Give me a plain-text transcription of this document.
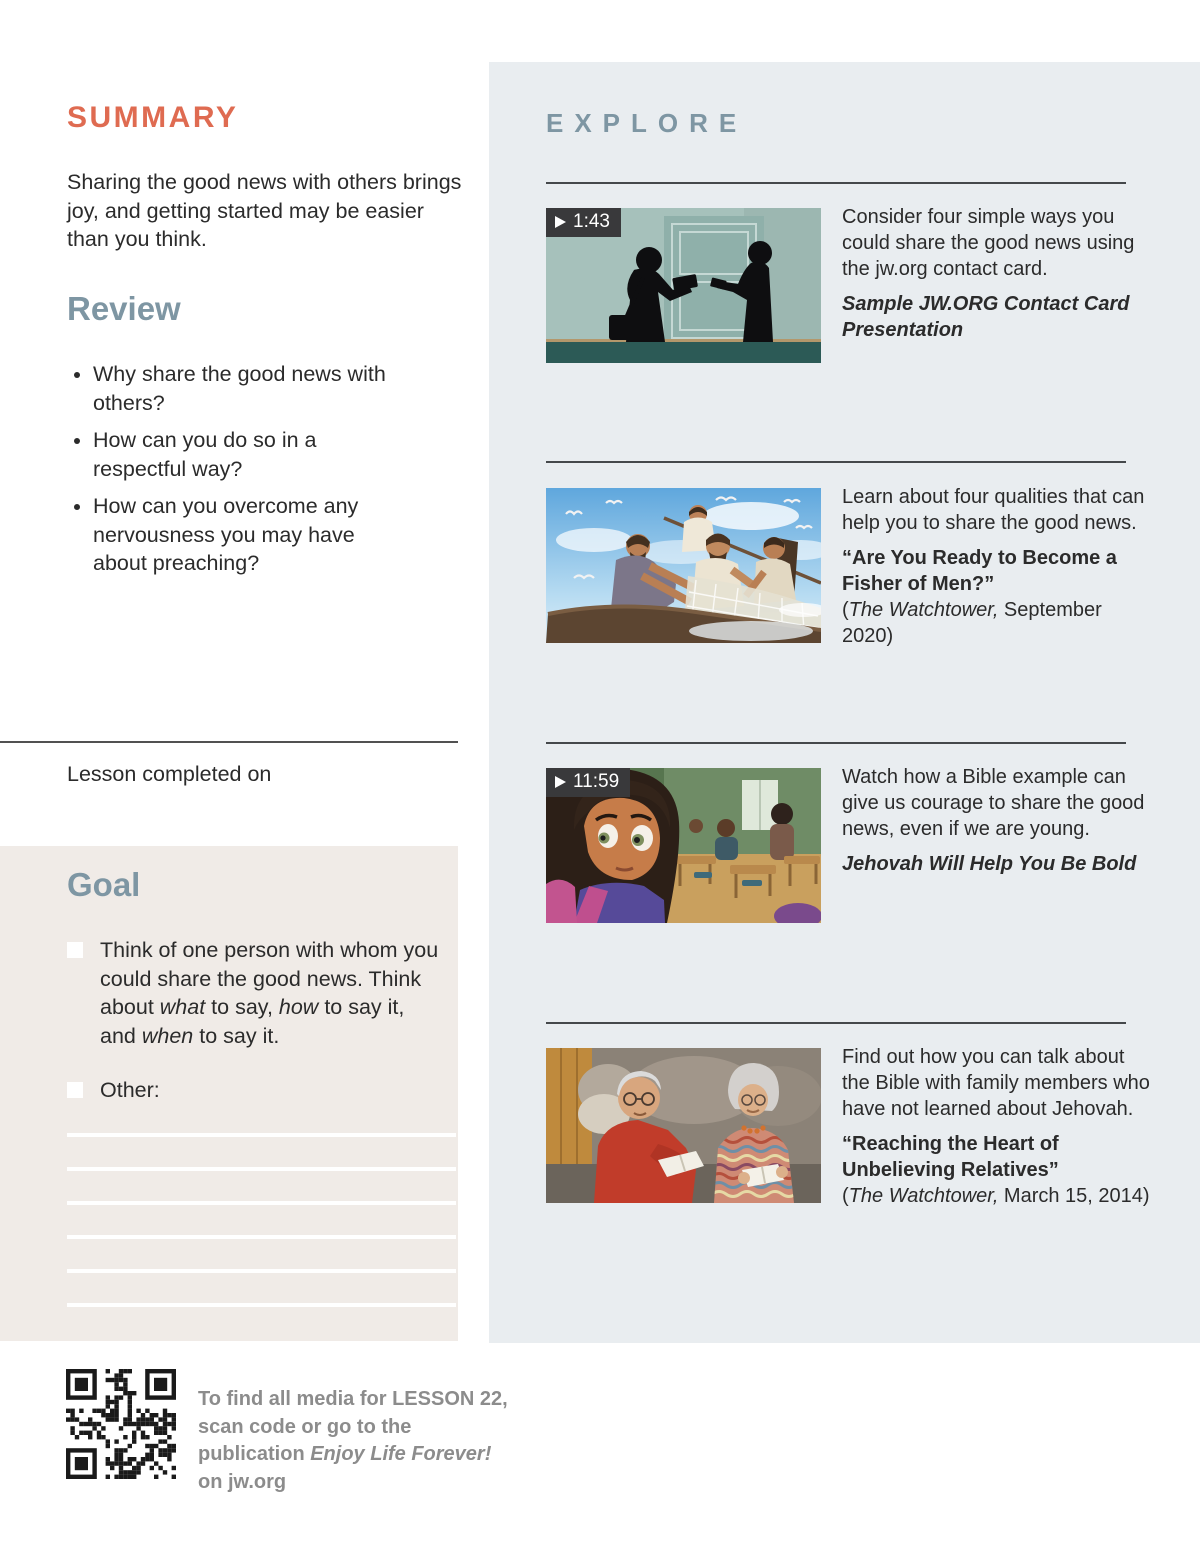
SUMMARY
Sharing the good news with others brings joy, and getting started may be easier than you think.
Review
• Why share the good news with others?
• How can you do so in a respectful way?
• How can you overcome any nervousness you may have about preaching?
Lesson completed on
Goal
Think of one person with whom you could share the good news. Think about what to say, how to say it, and when to say it.
Other:
To find all media for LESSON 22, scan code or go to the publication Enjoy Life Forever! on jw.org
EXPLORE
1:43	Consider four simple ways you could share the good news using the jw.org contact card.

Sample JW.ORG Contact Card Presentation

Learn about four qualities that can help you to share the good news.

“Are You Ready to Become a Fisher of Men?”

(The Watchtower, September 2020)

11:59	Watch how a Bible example can give us courage to share the good news, even if we are young.

Jehovah Will Help You Be Bold

Find out how you can talk about the Bible with family members who have not learned about Jehovah.

“Reaching the Heart of Unbelieving Relatives”

(The Watchtower, March 15, 2014)
